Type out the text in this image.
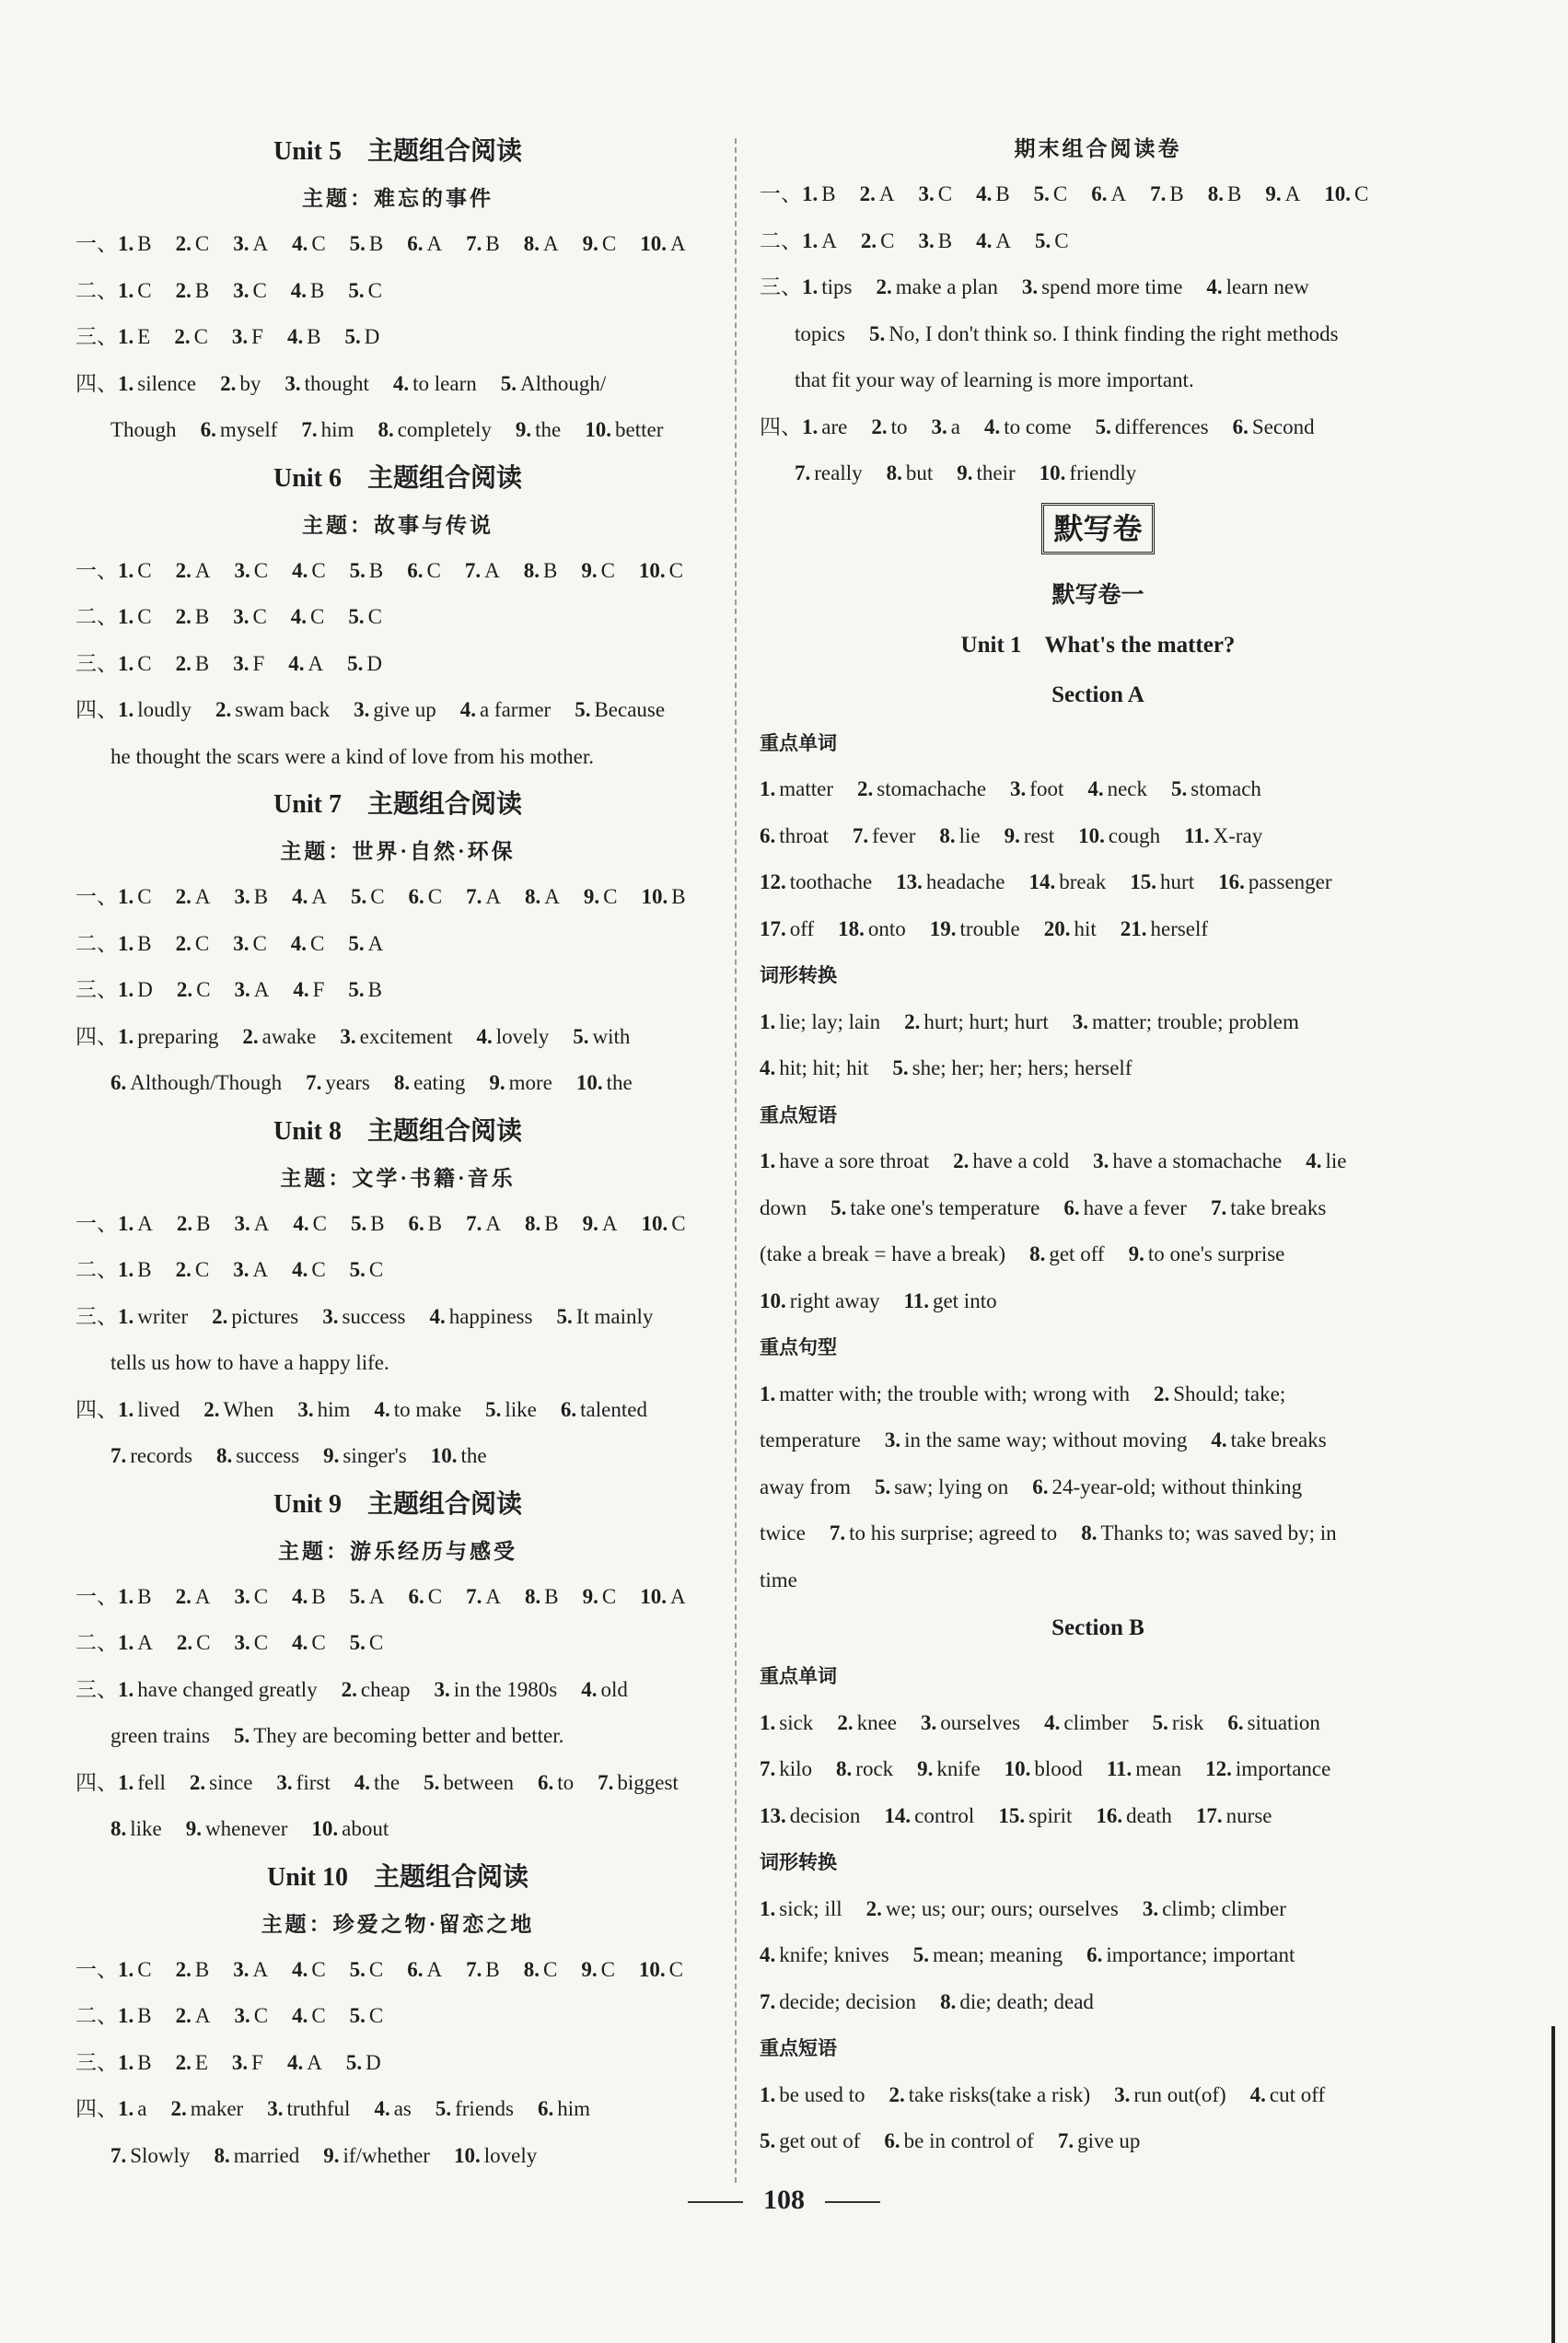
Unit 5　主题组合阅读
主题：难忘的事件
一、1. B 2. C 3. A 4. C 5. B 6. A 7. B 8. A 9. C 10. A
二、1. C 2. B 3. C 4. B 5. C
三、1. E 2. C 3. F 4. B 5. D
四、1. silence 2. by 3. thought 4. to learn 5. Although/
Though 6. myself 7. him 8. completely 9. the 10. better
Unit 6　主题组合阅读
主题：故事与传说
一、1. C 2. A 3. C 4. C 5. B 6. C 7. A 8. B 9. C 10. C
二、1. C 2. B 3. C 4. C 5. C
三、1. C 2. B 3. F 4. A 5. D
四、1. loudly 2. swam back 3. give up 4. a farmer 5. Because
he thought the scars were a kind of love from his mother.
Unit 7　主题组合阅读
主题：世界·自然·环保
一、1. C 2. A 3. B 4. A 5. C 6. C 7. A 8. A 9. C 10. B
二、1. B 2. C 3. C 4. C 5. A
三、1. D 2. C 3. A 4. F 5. B
四、1. preparing 2. awake 3. excitement 4. lovely 5. with
6. Although/Though 7. years 8. eating 9. more 10. the
Unit 8　主题组合阅读
主题：文学·书籍·音乐
一、1. A 2. B 3. A 4. C 5. B 6. B 7. A 8. B 9. A 10. C
二、1. B 2. C 3. A 4. C 5. C
三、1. writer 2. pictures 3. success 4. happiness 5. It mainly
tells us how to have a happy life.
四、1. lived 2. When 3. him 4. to make 5. like 6. talented
7. records 8. success 9. singer's 10. the
Unit 9　主题组合阅读
主题：游乐经历与感受
一、1. B 2. A 3. C 4. B 5. A 6. C 7. A 8. B 9. C 10. A
二、1. A 2. C 3. C 4. C 5. C
三、1. have changed greatly 2. cheap 3. in the 1980s 4. old
green trains 5. They are becoming better and better.
四、1. fell 2. since 3. first 4. the 5. between 6. to 7. biggest
8. like 9. whenever 10. about
Unit 10　主题组合阅读
主题：珍爱之物·留恋之地
一、1. C 2. B 3. A 4. C 5. C 6. A 7. B 8. C 9. C 10. C
二、1. B 2. A 3. C 4. C 5. C
三、1. B 2. E 3. F 4. A 5. D
四、1. a 2. maker 3. truthful 4. as 5. friends 6. him
7. Slowly 8. married 9. if/whether 10. lovely
期末组合阅读卷
一、1. B 2. A 3. C 4. B 5. C 6. A 7. B 8. B 9. A 10. C
二、1. A 2. C 3. B 4. A 5. C
三、1. tips 2. make a plan 3. spend more time 4. learn new
topics 5. No, I don't think so. I think finding the right methods
that fit your way of learning is more important.
四、1. are 2. to 3. a 4. to come 5. differences 6. Second
7. really 8. but 9. their 10. friendly
默写卷
默写卷一
Unit 1　What's the matter?
Section A
重点单词
1. matter 2. stomachache 3. foot 4. neck 5. stomach
6. throat 7. fever 8. lie 9. rest 10. cough 11. X-ray
12. toothache 13. headache 14. break 15. hurt 16. passenger
17. off 18. onto 19. trouble 20. hit 21. herself
词形转换
1. lie; lay; lain 2. hurt; hurt; hurt 3. matter; trouble; problem
4. hit; hit; hit 5. she; her; her; hers; herself
重点短语
1. have a sore throat 2. have a cold 3. have a stomachache 4. lie
down 5. take one's temperature 6. have a fever 7. take breaks
(take a break = have a break) 8. get off 9. to one's surprise
10. right away 11. get into
重点句型
1. matter with; the trouble with; wrong with 2. Should; take;
temperature 3. in the same way; without moving 4. take breaks
away from 5. saw; lying on 6. 24-year-old; without thinking
twice 7. to his surprise; agreed to 8. Thanks to; was saved by; in
time
Section B
重点单词
1. sick 2. knee 3. ourselves 4. climber 5. risk 6. situation
7. kilo 8. rock 9. knife 10. blood 11. mean 12. importance
13. decision 14. control 15. spirit 16. death 17. nurse
词形转换
1. sick; ill 2. we; us; our; ours; ourselves 3. climb; climber
4. knife; knives 5. mean; meaning 6. importance; important
7. decide; decision 8. die; death; dead
重点短语
1. be used to 2. take risks(take a risk) 3. run out(of) 4. cut off
5. get out of 6. be in control of 7. give up
108
